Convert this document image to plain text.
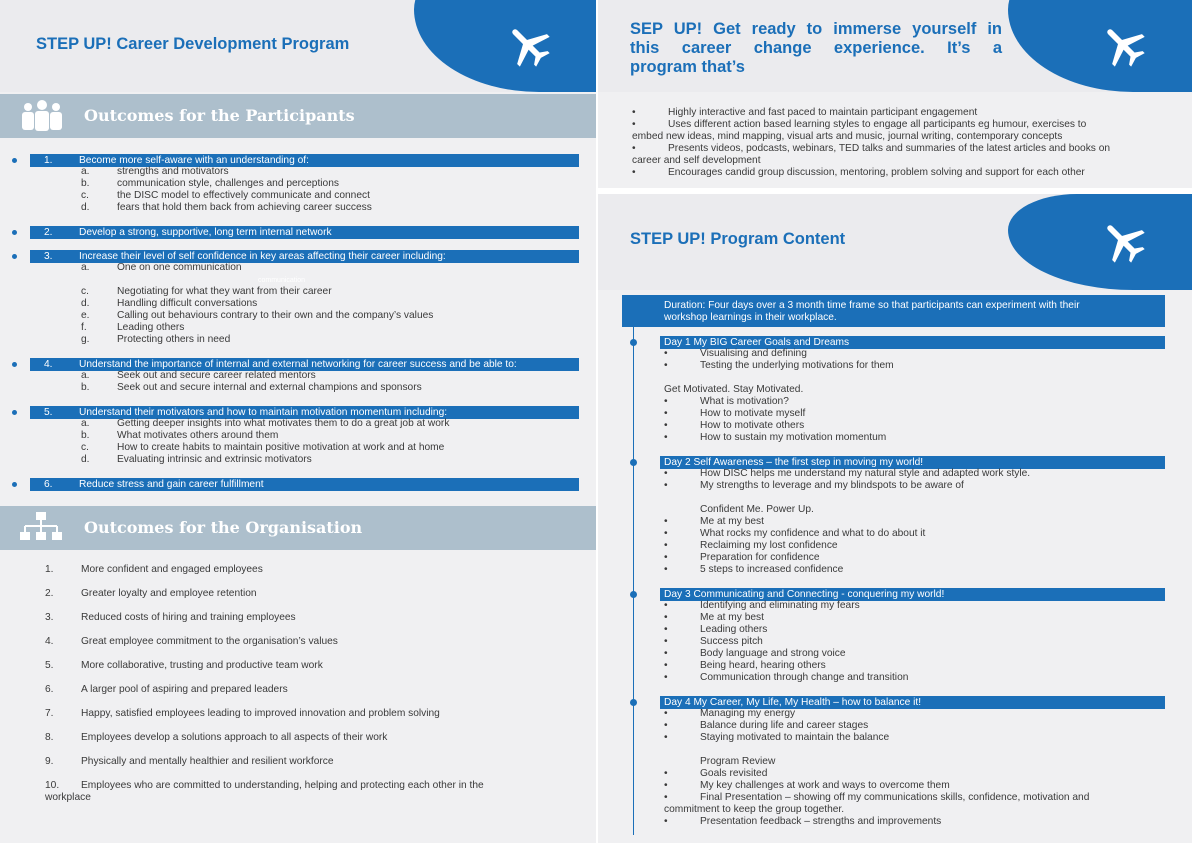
STEP UP! Career Development Program
Outcomes for the Participants
1.	Become more self-aware with an understanding of:
a.	strengths and motivators
b.	communication style, challenges and perceptions
c.	the DISC model to effectively communicate and connect
d.	fears that hold them back from achieving career success
2.	Develop a strong, supportive, long term internal network
3.	Increase their level of self confidence in key areas affecting their career including:
a.	One on one communication
c.	Negotiating for what they want from their career
d.	Handling difficult conversations
e.	Calling out behaviours contrary to their own and the company’s values
f.	Leading others
g.	Protecting others in need
4.	Understand the importance of internal and external networking for career success and be able to:
a.	Seek out and secure career related mentors
b.	Seek out and secure internal and external champions and sponsors
5.	Understand their motivators and how to maintain motivation momentum including:
a.	Getting deeper insights into what motivates them to do a great job at work
b.	What motivates others around them
c.	How to create habits to maintain positive motivation at work and at home
d.	Evaluating intrinsic and extrinsic motivators
6.	Reduce stress and gain career fulfillment
communication
Outcomes for the Organisation
1.	More confident and engaged employees
2.	Greater loyalty and employee retention
3.	Reduced costs of hiring and training employees
4.	Great employee commitment to the organisation’s values
5.	More collaborative, trusting and productive team work
6.	A larger pool of aspiring and prepared leaders
7.	Happy, satisfied employees leading to improved innovation and problem solving
8.	Employees develop a solutions approach to all aspects of their work
9.	Physically and mentally healthier and resilient workforce
10. Employees who are committed to understanding, helping and protecting each other in the
workplace
SEP UP! Get ready to immerse yourself in
this career change experience. It’s a
program that’s
•	Highly interactive and fast paced to maintain participant engagement
•	Uses different action based learning styles to engage all participants eg humour, exercises to
embed new ideas, mind mapping, visual arts and music, journal writing, contemporary concepts
•	Presents videos, podcasts, webinars, TED talks and summaries of the latest articles and books on
career and self development
•	Encourages candid group discussion, mentoring, problem solving and support for each other
STEP UP! Program Content
Duration: Four days over a 3 month time frame so that participants can experiment with their
workshop learnings in their workplace.
Day 1 My BIG Career Goals and Dreams
•	Visualising and defining
•	Testing the underlying motivations for them
Get Motivated. Stay Motivated.
•	What is motivation?
•	How to motivate myself
•	How to motivate others
•	How to sustain my motivation momentum
Day 2 Self Awareness – the first step in moving my world!
•	How DISC helps me understand my natural style and adapted work style.
•	My strengths to leverage and my blindspots to be aware of
Confident Me. Power Up.
•	Me at my best
•	What rocks my confidence and what to do about it
•	Reclaiming my lost confidence
•	Preparation for confidence
•	5 steps to increased confidence
Day 3 Communicating and Connecting - conquering my world!
•	Identifying and eliminating my fears
•	Me at my best
•	Leading others
•	Success pitch
•	Body language and strong voice
•	Being heard, hearing others
•	Communication through change and transition
Day 4 My Career, My Life, My Health – how to balance it!
•	Managing my energy
•	Balance during life and career stages
•	Staying motivated to maintain the balance
Program Review
•	Goals revisited
•	My key challenges at work and ways to overcome them
•	Final Presentation – showing off my communications skills, confidence, motivation and
commitment to keep the group together.
•	Presentation feedback – strengths and improvements
